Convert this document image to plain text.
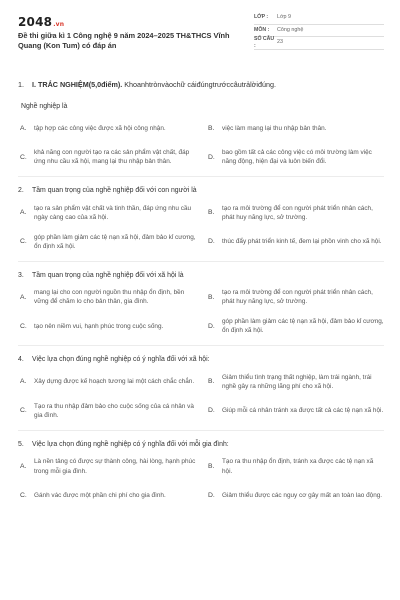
2048.vn
Đề thi giữa kì 1 Công nghệ 9 năm 2024–2025 TH&THCS Vĩnh Quang (Kon Tum) có đáp án
LỚP :	Lớp 9
MÔN :	Công nghệ
SỐ CÂU :
23
1. I. TRẮC NGHIỆM(5,0điểm). Khoanhtrònvàochữ cáiđúngtrướccâutrảlờiđúng.
Nghề nghiệp là
A.	tập hợp các công việc được xã hội công nhận.	B.	việc làm mang lại thu nhập bản thân.
C.
khả năng con người tạo ra các sản phẩm vật chất, đáp ứng nhu cầu xã hội, mang lại thu nhập bản thân.
D.
bao gồm tất cả các công việc có môi trường làm việc năng động, hiện đại và luôn biến đổi.
2.	Tầm quan trọng của nghề nghiệp đối với con người là
A.
tạo ra sản phẩm vật chất và tinh thần, đáp ứng nhu cầu ngày càng cao của xã hội.
B.
tạo ra môi trường để con người phát triển nhân cách, phát huy năng lực, sở trường.
C.
góp phần làm giảm các tệ nạn xã hội, đảm bảo kỉ cương, ổn định xã hội.
D.	thúc đẩy phát triển kinh tế, đem lại phồn vinh cho xã hội.
3.	Tầm quan trọng của nghề nghiệp đối với xã hội là
A.
mang lại cho con người nguồn thu nhập ổn định, bền vững để chăm lo cho bản thân, gia đình.
B.
tạo ra môi trường để con người phát triển nhân cách, phát huy năng lực, sở trường.
C.	tạo nên niềm vui, hạnh phúc trong cuộc sống.	D.
góp phần làm giảm các tệ nạn xã hội, đảm bảo kỉ cương, ổn định xã hội.
4.	Việc lựa chọn đúng nghề nghiệp có ý nghĩa đối với xã hội:
A.	Xây dựng được kế hoạch tương lai một cách chắc chắn. B.
Giảm thiểu tình trạng thất nghiệp, làm trái ngành, trái nghề gây ra những lãng phí cho xã hội.
C.
Tạo ra thu nhập đảm bảo cho cuộc sống của cá nhân và gia đình.
D.	Giúp mỗi cá nhân tránh xa được tất cả các tệ nạn xã hội.
5.	Việc lựa chọn đúng nghề nghiệp có ý nghĩa đối với mỗi gia đình:
A.
Là nền tảng có được sự thành công, hài lòng, hạnh phúc trong mỗi gia đình.
B.
Tạo ra thu nhập ổn định, tránh xa được các tệ nạn xã hội.
C.	Gánh vác được một phần chi phí cho gia đình.	D.	Giảm thiểu được các nguy cơ gây mất an toàn lao động.
